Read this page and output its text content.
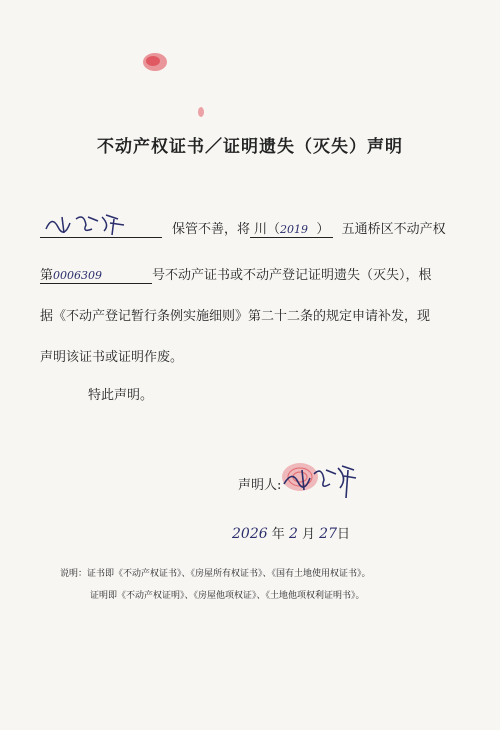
不动产权证书／证明遗失（灭失）声明
保管不善，将 川（2019 ） 五通桥区不动产权
第0006309	号不动产证书或不动产登记证明遗失（灭失），根
据《不动产登记暂行条例实施细则》第二十二条的规定申请补发，现
声明该证书或证明作废。
特此声明。
声明人:
2026 年 2 月 27日
说明：证书即《不动产权证书》、《房屋所有权证书》、《国有土地使用权证书》。
证明即《不动产权证明》、《房屋他项权证》、《土地他项权利证明书》。
